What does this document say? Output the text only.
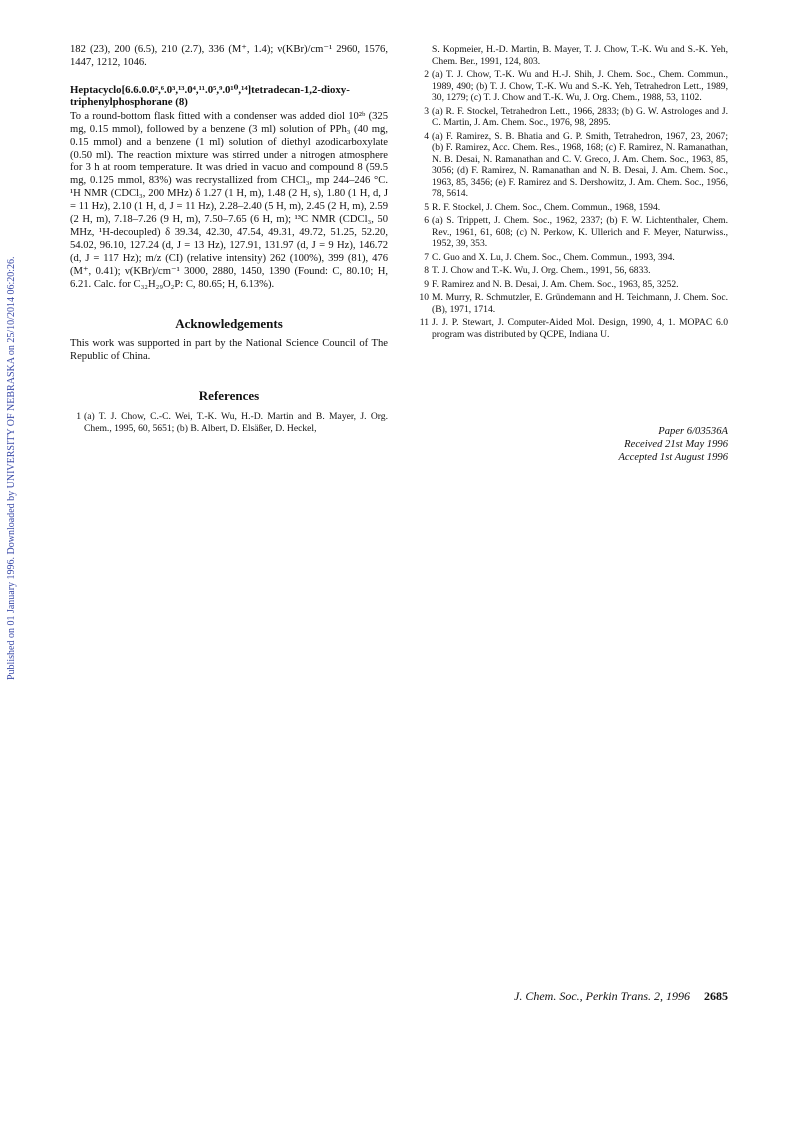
Published on 01 January 1996. Downloaded by UNIVERSITY OF NEBRASKA on 25/10/2014 06:20:26.

182 (23), 200 (6.5), 210 (2.7), 336 (M⁺, 1.4); ν(KBr)/cm⁻¹ 2960, 1576, 1447, 1212, 1046.

Heptacyclo[6.6.0.0²,⁶.0³,¹³.0⁴,¹¹.0⁵,⁹.0¹⁰,¹⁴]tetradecan-1,2-dioxy-triphenylphosphorane (8)

To a round-bottom flask fitted with a condenser was added diol 10²ᵇ (325 mg, 0.15 mmol), followed by a benzene (3 ml) solution of PPh₃ (40 mg, 0.15 mmol) and a benzene (1 ml) solution of diethyl azodicarboxylate (0.50 ml). The reaction mixture was stirred under a nitrogen atmosphere for 3 h at room temperature. It was dried in vacuo and compound 8 (59.5 mg, 0.125 mmol, 83%) was recrystallized from CHCl₃, mp 244–246 °C. ¹H NMR (CDCl₃, 200 MHz) δ 1.27 (1 H, m), 1.48 (2 H, s), 1.80 (1 H, d, J = 11 Hz), 2.10 (1 H, d, J = 11 Hz), 2.28–2.40 (5 H, m), 2.45 (2 H, m), 2.59 (2 H, m), 7.18–7.26 (9 H, m), 7.50–7.65 (6 H, m); ¹³C NMR (CDCl₃, 50 MHz, ¹H-decoupled) δ 39.34, 42.30, 47.54, 49.31, 49.72, 51.25, 52.20, 54.02, 96.10, 127.24 (d, J = 13 Hz), 127.91, 131.97 (d, J = 9 Hz), 146.72 (d, J = 117 Hz); m/z (CI) (relative intensity) 262 (100%), 399 (81), 476 (M⁺, 0.41); ν(KBr)/cm⁻¹ 3000, 2880, 1450, 1390 (Found: C, 80.10; H, 6.21. Calc. for C₃₂H₂₉O₂P: C, 80.65; H, 6.13%).

Acknowledgements

This work was supported in part by the National Science Council of The Republic of China.

References
1 (a) T. J. Chow, C.-C. Wei, T.-K. Wu, H.-D. Martin and B. Mayer, J. Org. Chem., 1995, 60, 5651; (b) B. Albert, D. Elsäßer, D. Heckel,
S. Kopmeier, H.-D. Martin, B. Mayer, T. J. Chow, T.-K. Wu and S.-K. Yeh, Chem. Ber., 1991, 124, 803.
2 (a) T. J. Chow, T.-K. Wu and H.-J. Shih, J. Chem. Soc., Chem. Commun., 1989, 490; (b) T. J. Chow, T.-K. Wu and S.-K. Yeh, Tetrahedron Lett., 1989, 30, 1279; (c) T. J. Chow and T.-K. Wu, J. Org. Chem., 1988, 53, 1102.
3 (a) R. F. Stockel, Tetrahedron Lett., 1966, 2833; (b) G. W. Astrologes and J. C. Martin, J. Am. Chem. Soc., 1976, 98, 2895.
4 (a) F. Ramirez, S. B. Bhatia and G. P. Smith, Tetrahedron, 1967, 23, 2067; (b) F. Ramirez, Acc. Chem. Res., 1968, 168; (c) F. Ramirez, N. Ramanathan, N. B. Desai, N. Ramanathan and C. V. Greco, J. Am. Chem. Soc., 1963, 85, 3056; (d) F. Ramirez, N. Ramanathan and N. B. Desai, J. Am. Chem. Soc., 1963, 85, 3456; (e) F. Ramirez and S. Dershowitz, J. Am. Chem. Soc., 1956, 78, 5614.
5 R. F. Stockel, J. Chem. Soc., Chem. Commun., 1968, 1594.
6 (a) S. Trippett, J. Chem. Soc., 1962, 2337; (b) F. W. Lichtenthaler, Chem. Rev., 1961, 61, 608; (c) N. Perkow, K. Ullerich and F. Meyer, Naturwiss., 1952, 39, 353.
7 C. Guo and X. Lu, J. Chem. Soc., Chem. Commun., 1993, 394.
8 T. J. Chow and T.-K. Wu, J. Org. Chem., 1991, 56, 6833.
9 F. Ramirez and N. B. Desai, J. Am. Chem. Soc., 1963, 85, 3252.
10 M. Murry, R. Schmutzler, E. Gründemann and H. Teichmann, J. Chem. Soc. (B), 1971, 1714.
11 J. J. P. Stewart, J. Computer-Aided Mol. Design, 1990, 4, 1. MOPAC 6.0 program was distributed by QCPE, Indiana U.
Paper 6/03536A
Received 21st May 1996
Accepted 1st August 1996
J. Chem. Soc., Perkin Trans. 2, 1996 2685
